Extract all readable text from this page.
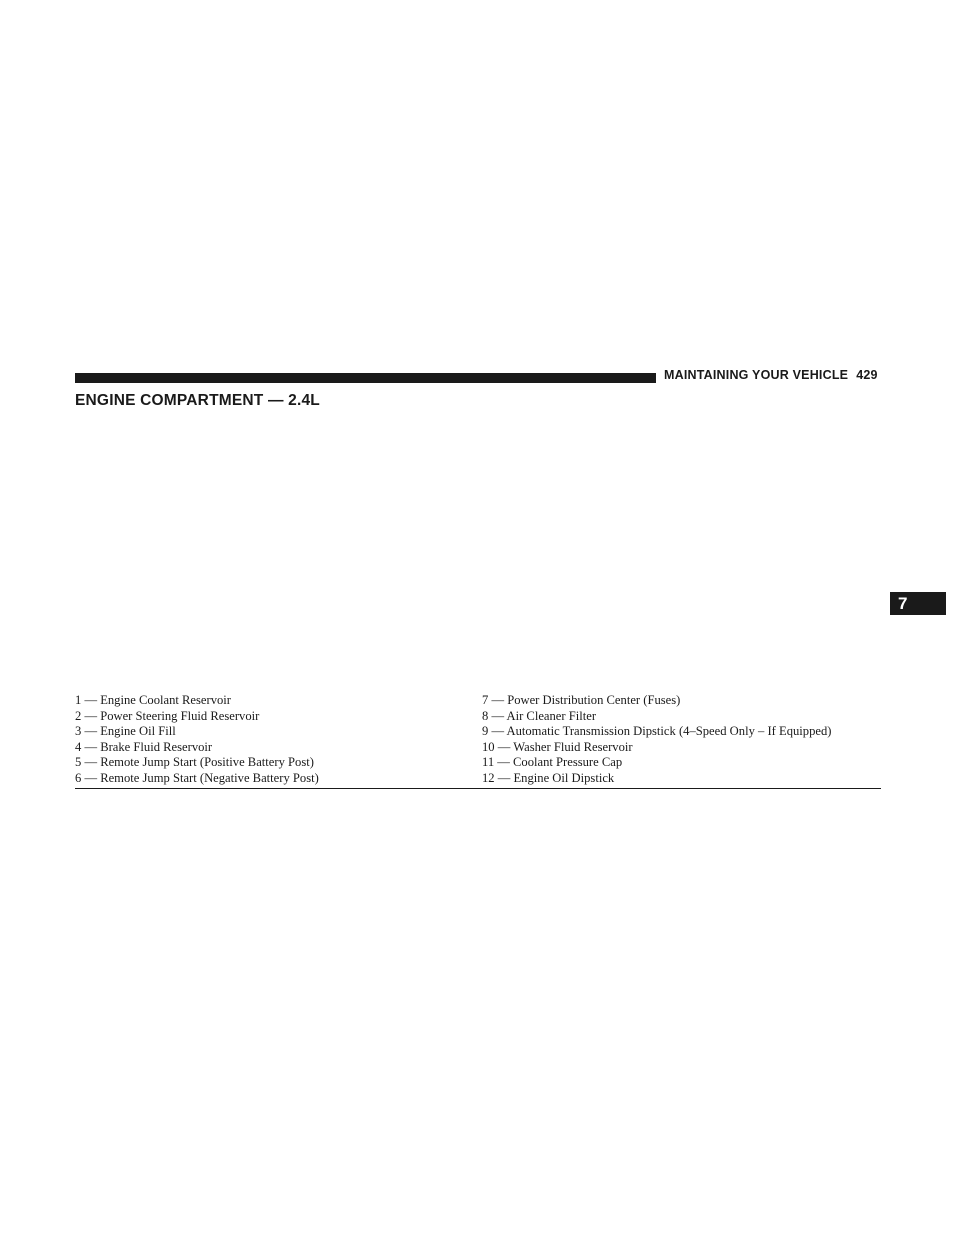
MAINTAINING YOUR VEHICLE 429
ENGINE COMPARTMENT — 2.4L
7
1 — Engine Coolant Reservoir
2 — Power Steering Fluid Reservoir
3 — Engine Oil Fill
4 — Brake Fluid Reservoir
5 — Remote Jump Start (Positive Battery Post)
6 — Remote Jump Start (Negative Battery Post)
7 — Power Distribution Center (Fuses)
8 — Air Cleaner Filter
9 — Automatic Transmission Dipstick (4–Speed Only – If Equipped)
10 — Washer Fluid Reservoir
11 — Coolant Pressure Cap
12 — Engine Oil Dipstick
